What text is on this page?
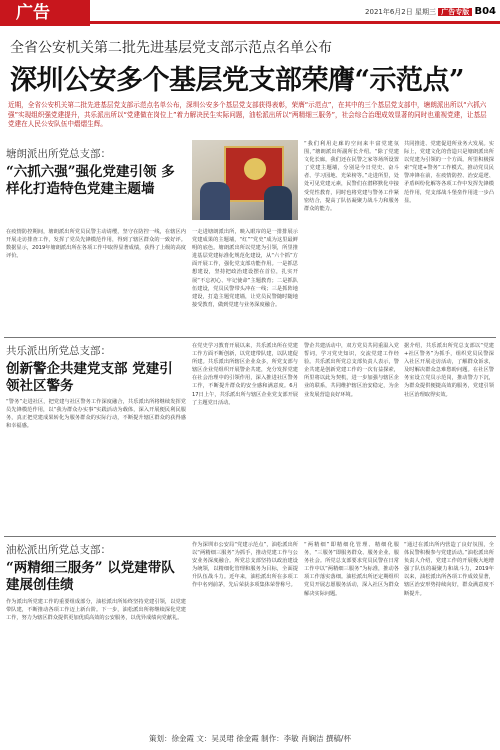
广告	2021年6月2日 星期三 广告专版 B04
全省公安机关第二批先进基层党支部示范点名单公布
深圳公安多个基层党支部荣膺“示范点”
近期，全省公安机关第二批先进基层党支部示范点名单公布，深圳公安多个基层党支部获得表彰，荣膺“示范点”，在其中的三个基层党支部中，塘朗派出所以“六抓六强”实现组织强党建提升，共乐派出所以“党建做在岗位上”着力解决民生实际问题，油松派出所以“两精细三服务”，社会综合治理成效显著的同时也重视党建，让基层党建在人民公安队伍中熠熠生辉。
塘朗派出所党总支部：
“六抓六强”强化党建引领 多样化打造特色党建主题墙
一走进塘朗派出所，映入眼帘的是一排排展示党建成果的主题墙，“红”“党史”成为这里最鲜明的底色。塘朗派出所以党建为引领，所里推进基层党建标准化规范化建设，从“六个抓”方面开展工作，强化党支部功能作用。一是抓思想建设，坚持把政治建设摆在首位，扎实开展“不忘初心、牢记使命”主题教育；二是抓队伍建设，党员民警带头冲在一线；三是抓阵地建设，打造主题党建墙，让党员民警随时随地接受教育，做到党建与业务深度融合。
“我们利用走廊的空间来丰富党建氛围，”塘朗派出所副所长介绍。“除了党建文化长廊，我们还在民警之家等场所设置了党建主题墙，分别是今日党史、奋斗者、学习园地、光荣榜等。”走进所里，处处可见党建元素，民警们在潜移默化中接受党性教育，同时也将党建与警务工作紧密结合，提高了队伍凝聚力战斗力和服务群众的能力。
共同推进、党建促进所业务大发展。实际上，党建文化的营造只是塘朗派出所以党建为引领的一个方面。所里积极探索“党建+警务”工作模式，推动党员民警冲锋在前，在疫情防控、治安巡逻、矛盾纠纷化解等各项工作中发挥先锋模范作用，党支部战斗堡垒作用进一步凸显。
在疫情防控期间，塘朗派出所党员民警主动请缨，坚守在防控一线，在辖区内开展走访排查工作，发挥了党员先锋模范作用，得到了辖区群众的一致好评。数据显示，2019年塘朗派出所在各项工作中取得显著成绩，获得了上级的高度评价。
共乐派出所党总支部：
创新警企共建党支部 党建引领社区警务
在党史学习教育开展以来，共乐派出所在党建工作方面不断创新，以党建带队建，以队建促所建。共乐派出所辖区企业众多，所党支部与辖区企业党组织开展警企共建，充分发挥党建在社会治理中的引领作用，深入推进社区警务工作，不断提升群众的安全感和满意度。6月17日上午，共乐派出所与辖区企业党支部开展了主题党日活动。
警企共建活动中，双方党员共同重温入党誓词，学习党史知识，交流党建工作经验。共乐派出所党总支部负责人表示，警企共建是创新党建工作的一次有益探索，所里将以此为契机，进一步加强与辖区企业的联系，共同维护辖区治安稳定，为企业发展营造良好环境。
据介绍，共乐派出所党总支部以“党建+社区警务”为抓手，组织党员民警深入社区开展走访活动，了解群众诉求，及时解决群众急难愁盼问题。在社区警务室设立党员示范岗，推动警力下沉，为群众提供便捷高效的服务，党建引领社区治理取得实效。
“警务”走进社区，把党建与社区警务工作深度融合，共乐派出所将继续发挥党员先锋模范作用，以“我为群众办实事”实践活动为载体，深入开展便民利民服务，真正把党建成果转化为服务群众的实际行动，不断提升辖区群众的获得感和幸福感。
油松派出所党总支部：
“两精细三服务” 以党建带队建展创佳绩
作为深圳市公安局“党建示范点”，油松派出所以“两精细三服务”为抓手，推动党建工作与公安业务深度融合。所党总支部坚持以政治建设为统领，以精细化管理和服务为目标，全面提升队伍战斗力。近年来，油松派出所在多项工作中名列前茅，先后荣获多项集体荣誉称号。
“两精细”即精细化管理、精细化服务，“三服务”即服务群众、服务企业、服务社会。所党总支部要求党员民警在日常工作中以“两精细三服务”为标准，推动各项工作落实落细。油松派出所还定期组织党员开展志愿服务活动，深入社区为群众解决实际问题。
“通过在派出所内营造了良好氛围，全体民警积极参与党建活动。”油松派出所负责人介绍，党建工作的开展极大地增强了队伍的凝聚力和战斗力，2019年以来，油松派出所各项工作成效显著，辖区治安形势持续向好，群众满意度不断提升。
作为派出所党建工作的重要组成部分，油松派出所始终坚持党建引领，以党建带队建，不断推动各项工作迈上新台阶。下一步，油松派出所将继续深化党建工作，努力为辖区群众提供更加优质高效的公安服务，以优异成绩向党献礼。
策划：徐金霞 文：吴灵珺 徐金霞 制作：李敏 肖娴洁 撰稿/杯
